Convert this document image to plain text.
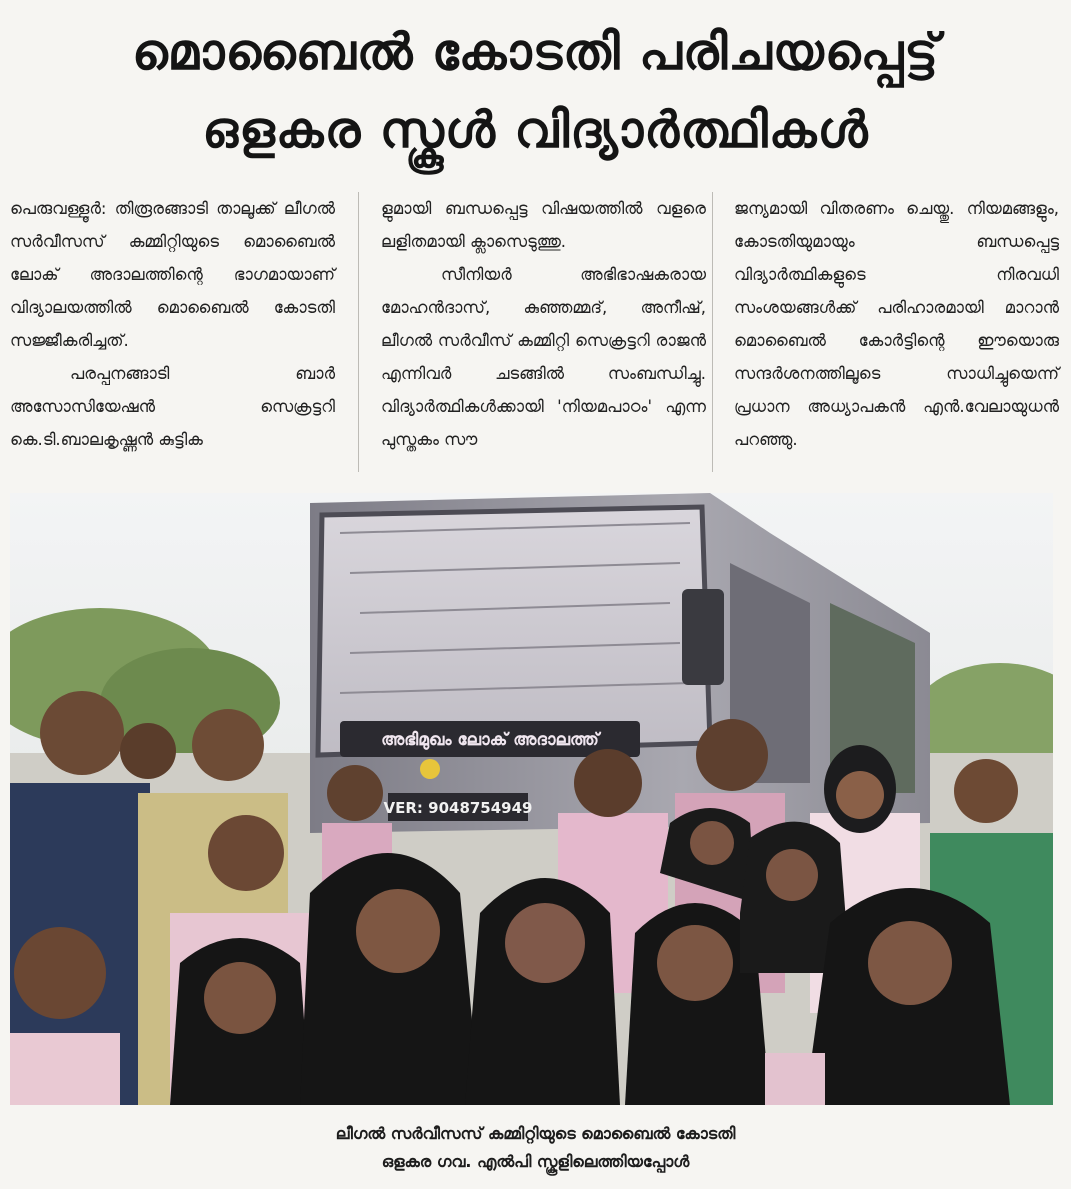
മൊബൈൽ കോടതി പരിചയപ്പെട്ട്
ഒളകര സ്കൂൾ വിദ്യാർത്ഥികൾ

പെരുവള്ളൂർ: തിരൂരങ്ങാടി താലൂക്ക് ലീഗൽ സർവീസസ് കമ്മിറ്റിയുടെ മൊബൈൽ ലോക് അദാലത്തിന്റെ ഭാഗമായാണ് വിദ്യാലയത്തിൽ മൊബൈൽ കോടതി സജ്ജീകരിച്ചത്.

പരപ്പനങ്ങാടി ബാർ അസോസിയേഷൻ സെക്രട്ടറി കെ.ടി.ബാലകൃഷ്ണൻ കുട്ടിക

ളുമായി ബന്ധപ്പെട്ട വിഷയത്തിൽ വളരെ ലളിതമായി ക്ലാസെടുത്തു.

സീനിയർ അഭിഭാഷകരായ മോഹൻദാസ്, കുഞ്ഞമ്മദ്, അനീഷ്, ലീഗൽ സർവീസ് കമ്മിറ്റി സെക്രട്ടറി രാജൻ എന്നിവർ ചടങ്ങിൽ സംബന്ധിച്ചു. വിദ്യാർത്ഥികൾക്കായി 'നിയമപാഠം' എന്ന പുസ്തകം സൗ

ജന്യമായി വിതരണം ചെയ്തു. നിയമങ്ങളും, കോടതിയുമായും ബന്ധപ്പെട്ട വിദ്യാർത്ഥികളുടെ നിരവധി സംശയങ്ങൾക്ക് പരിഹാരമായി മാറാൻ മൊബൈൽ കോർട്ടിന്റെ ഈയൊരു സന്ദർശനത്തിലൂടെ സാധിച്ചുയെന്ന് പ്രധാന അധ്യാപകൻ എൻ.വേലായുധൻ പറഞ്ഞു.

അഭിമുഖം ലോക് അദാലത്ത്
VER: 9048754949
ലീഗൽ സർവീസസ് കമ്മിറ്റിയുടെ മൊബൈൽ കോടതി
ഒളകര ഗവ. എൽപി സ്കൂളിലെത്തിയപ്പോൾ
